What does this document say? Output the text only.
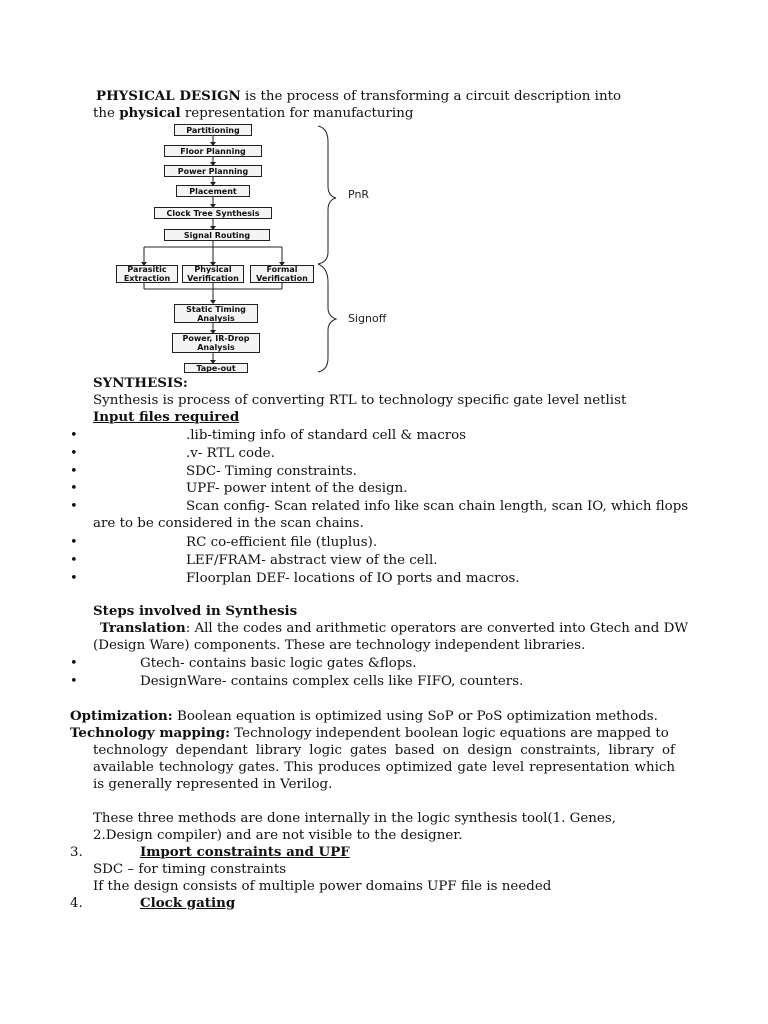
PHYSICAL DESIGN is the process of transforming a circuit description into
the physical representation for manufacturing
Partitioning
Floor Planning
Power Planning
Placement
Clock Tree Synthesis
Signal Routing
Parasitic
Extraction
Physical
Verification
Formal
Verification
Static Timing
Analysis
Power, IR-Drop
Analysis
Tape-out
PnR
Signoff
SYNTHESIS:
Synthesis is process of converting RTL to technology specific gate level netlist
Input files required
•	.lib-timing info of standard cell & macros
•	.v- RTL code.
•	SDC- Timing constraints.
•	UPF- power intent of the design.
•	Scan config- Scan related info like scan chain length, scan IO, which flops
are to be considered in the scan chains.
•	RC co-efficient file (tluplus).
•	LEF/FRAM- abstract view of the cell.
•	Floorplan DEF- locations of IO ports and macros.
Steps involved in Synthesis
Translation: All the codes and arithmetic operators are converted into Gtech and DW
(Design Ware) components. These are technology independent libraries.
•	Gtech- contains basic logic gates &flops.
•	DesignWare- contains complex cells like FIFO, counters.
Optimization: Boolean equation is optimized using SoP or PoS optimization methods.
Technology mapping: Technology independent boolean logic equations are mapped to
technology dependant library logic gates based on design constraints, library of available technology gates. This produces optimized gate level representation which is generally represented in Verilog.
These three methods are done internally in the logic synthesis tool(1. Genes,
2.Design compiler) and are not visible to the designer.
3.	Import constraints and UPF
SDC – for timing constraints
If the design consists of multiple power domains UPF file is needed
4.	Clock gating
